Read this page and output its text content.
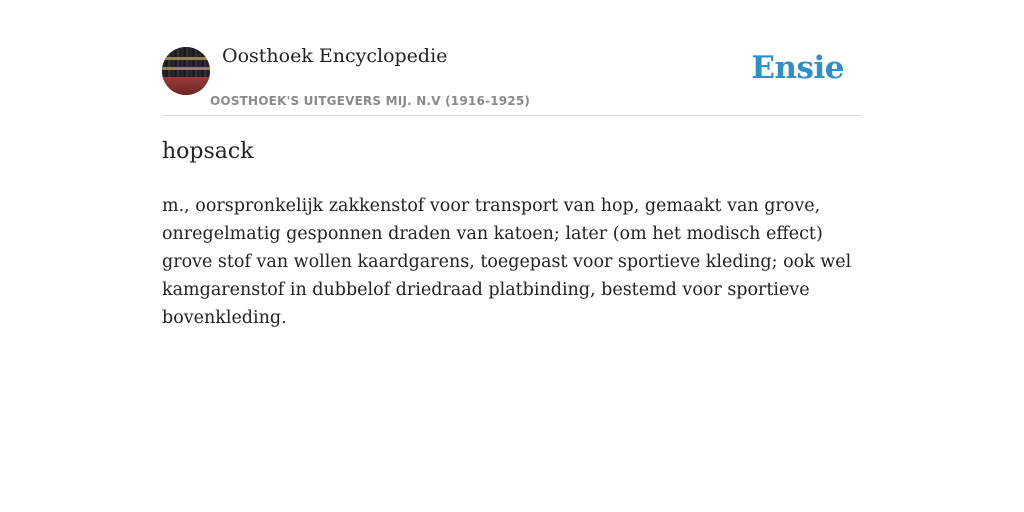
Oosthoek Encyclopedie
OOSTHOEK'S UITGEVERS MIJ. N.V (1916-1925)
Ensie
hopsack

m., oorspronkelijk zakkenstof voor transport van hop, gemaakt van grove, onregelmatig gesponnen draden van katoen; later (om het modisch effect) grove stof van wollen kaardgarens, toegepast voor sportieve kleding; ook wel kamgarenstof in dubbelof driedraad platbinding, bestemd voor sportieve bovenkleding.
